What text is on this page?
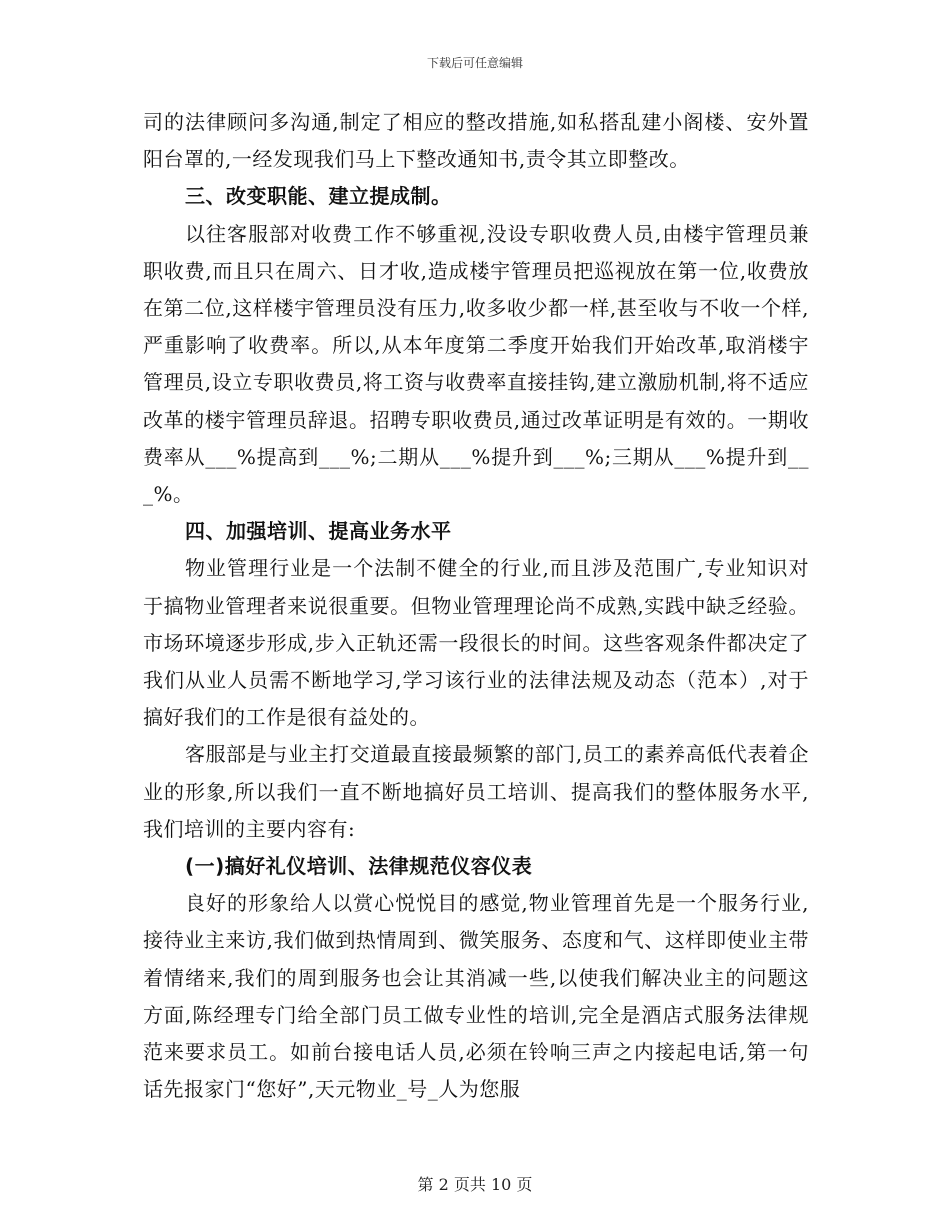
下载后可任意编辑

司的法律顾问多沟通,制定了相应的整改措施,如私搭乱建小阁楼、安外置阳台罩的,一经发现我们马上下整改通知书,责令其立即整改。

三、改变职能、建立提成制。

以往客服部对收费工作不够重视,没设专职收费人员,由楼宇管理员兼职收费,而且只在周六、日才收,造成楼宇管理员把巡视放在第一位,收费放在第二位,这样楼宇管理员没有压力,收多收少都一样,甚至收与不收一个样,严重影响了收费率。所以,从本年度第二季度开始我们开始改革,取消楼宇管理员,设立专职收费员,将工资与收费率直接挂钩,建立激励机制,将不适应改革的楼宇管理员辞退。招聘专职收费员,通过改革证明是有效的。一期收费率从___%提高到___%;二期从___%提升到___%;三期从___%提升到___%。

四、加强培训、提高业务水平

物业管理行业是一个法制不健全的行业,而且涉及范围广,专业知识对于搞物业管理者来说很重要。但物业管理理论尚不成熟,实践中缺乏经验。市场环境逐步形成,步入正轨还需一段很长的时间。这些客观条件都决定了我们从业人员需不断地学习,学习该行业的法律法规及动态（范本）,对于搞好我们的工作是很有益处的。

客服部是与业主打交道最直接最频繁的部门,员工的素养高低代表着企业的形象,所以我们一直不断地搞好员工培训、提高我们的整体服务水平,我们培训的主要内容有:

(一)搞好礼仪培训、法律规范仪容仪表

良好的形象给人以赏心悦悦目的感觉,物业管理首先是一个服务行业,接待业主来访,我们做到热情周到、微笑服务、态度和气、这样即使业主带着情绪来,我们的周到服务也会让其消减一些,以使我们解决业主的问题这方面,陈经理专门给全部门员工做专业性的培训,完全是酒店式服务法律规范来要求员工。如前台接电话人员,必须在铃响三声之内接起电话,第一句话先报家门“您好”,天元物业_号_人为您服

第 2 页共 10 页
